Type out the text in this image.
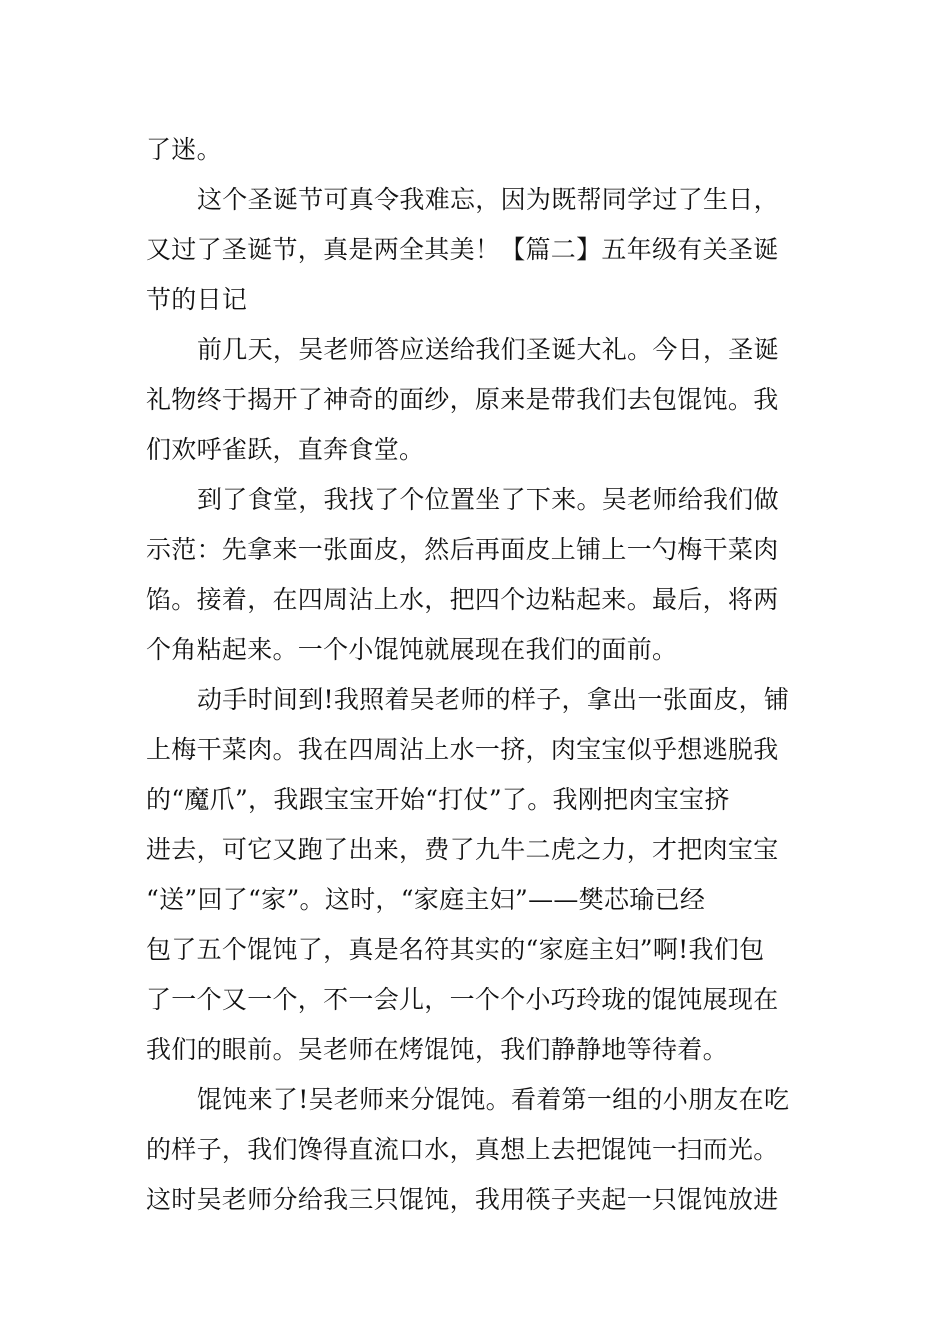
了迷。
这个圣诞节可真令我难忘，因为既帮同学过了生日，
又过了圣诞节，真是两全其美！【篇二】五年级有关圣诞
节的日记
前几天，吴老师答应送给我们圣诞大礼。今日，圣诞
礼物终于揭开了神奇的面纱，原来是带我们去包馄饨。我
们欢呼雀跃，直奔食堂。
到了食堂，我找了个位置坐了下来。吴老师给我们做
示范：先拿来一张面皮，然后再面皮上铺上一勺梅干菜肉
馅。接着，在四周沾上水，把四个边粘起来。最后，将两
个角粘起来。一个小馄饨就展现在我们的面前。
动手时间到!我照着吴老师的样子，拿出一张面皮，铺
上梅干菜肉。我在四周沾上水一挤，肉宝宝似乎想逃脱我
的“魔爪”，我跟宝宝开始“打仗”了。我刚把肉宝宝挤
进去，可它又跑了出来，费了九牛二虎之力，才把肉宝宝
“送”回了“家”。这时，“家庭主妇”——樊芯瑜已经
包了五个馄饨了，真是名符其实的“家庭主妇”啊!我们包
了一个又一个，不一会儿，一个个小巧玲珑的馄饨展现在
我们的眼前。吴老师在烤馄饨，我们静静地等待着。
馄饨来了!吴老师来分馄饨。看着第一组的小朋友在吃
的样子，我们馋得直流口水，真想上去把馄饨一扫而光。
这时吴老师分给我三只馄饨，我用筷子夹起一只馄饨放进
